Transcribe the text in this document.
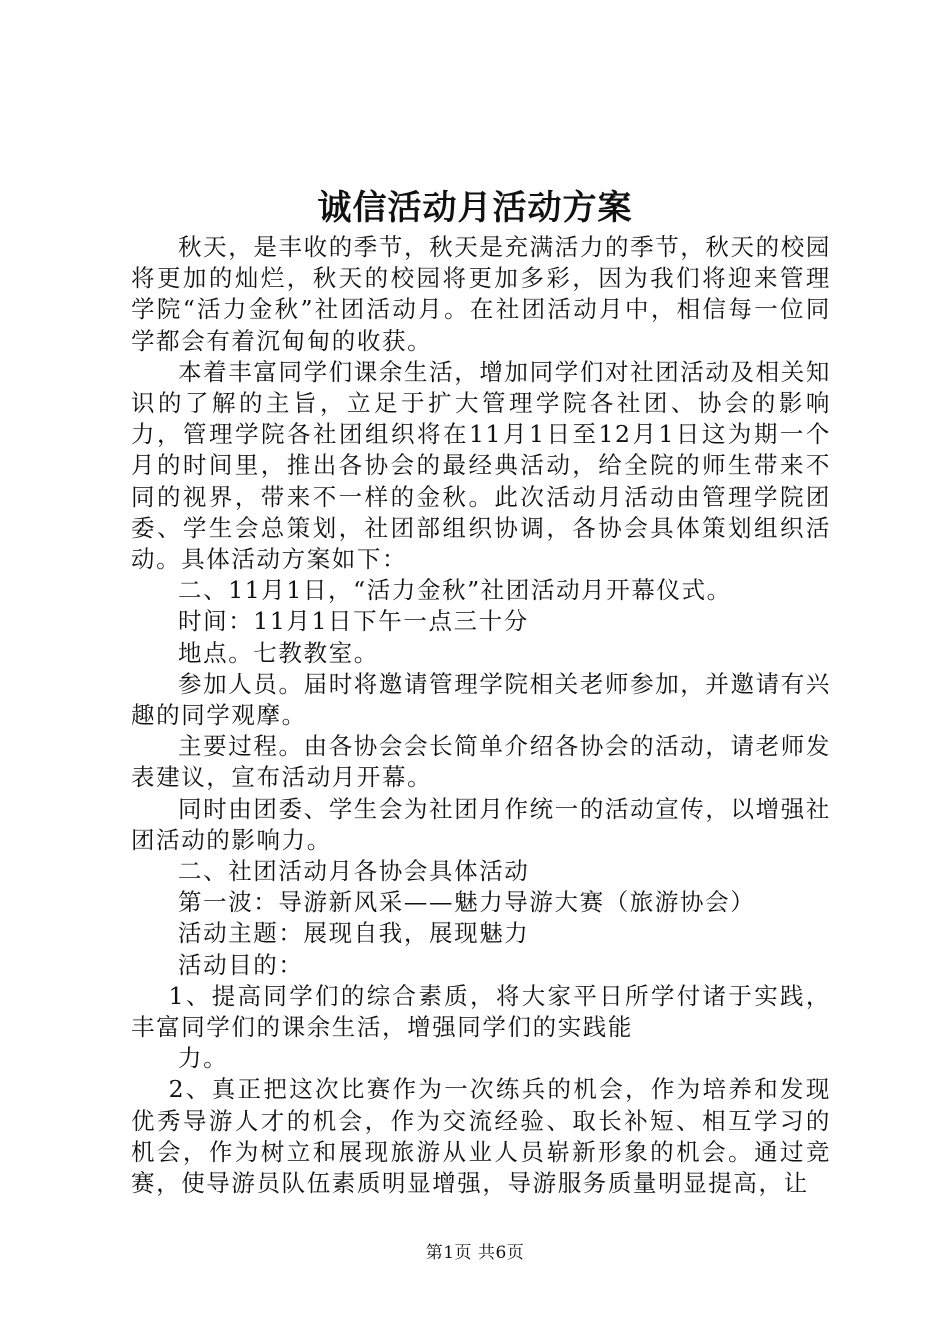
诚信活动月活动方案

秋天，是丰收的季节，秋天是充满活力的季节，秋天的校园将更加的灿烂，秋天的校园将更加多彩，因为我们将迎来管理学院“活力金秋”社团活动月。在社团活动月中，相信每一位同学都会有着沉甸甸的收获。

本着丰富同学们课余生活，增加同学们对社团活动及相关知识的了解的主旨，立足于扩大管理学院各社团、协会的影响力，管理学院各社团组织将在11月1日至12月1日这为期一个月的时间里，推出各协会的最经典活动，给全院的师生带来不同的视界，带来不一样的金秋。此次活动月活动由管理学院团委、学生会总策划，社团部组织协调，各协会具体策划组织活动。具体活动方案如下：

二、11月1日，“活力金秋”社团活动月开幕仪式。

时间：11月1日下午一点三十分

地点。七教教室。

参加人员。届时将邀请管理学院相关老师参加，并邀请有兴趣的同学观摩。

主要过程。由各协会会长简单介绍各协会的活动，请老师发表建议，宣布活动月开幕。

同时由团委、学生会为社团月作统一的活动宣传，以增强社团活动的影响力。

二、社团活动月各协会具体活动

第一波：导游新风采——魅力导游大赛（旅游协会）

活动主题：展现自我，展现魅力

活动目的：

1、提高同学们的综合素质，将大家平日所学付诸于实践，丰富同学们的课余生活，增强同学们的实践能

力。

2、真正把这次比赛作为一次练兵的机会，作为培养和发现优秀导游人才的机会，作为交流经验、取长补短、相互学习的机会，作为树立和展现旅游从业人员崭新形象的机会。通过竞赛，使导游员队伍素质明显增强，导游服务质量明显提高，让

第1页 共6页
